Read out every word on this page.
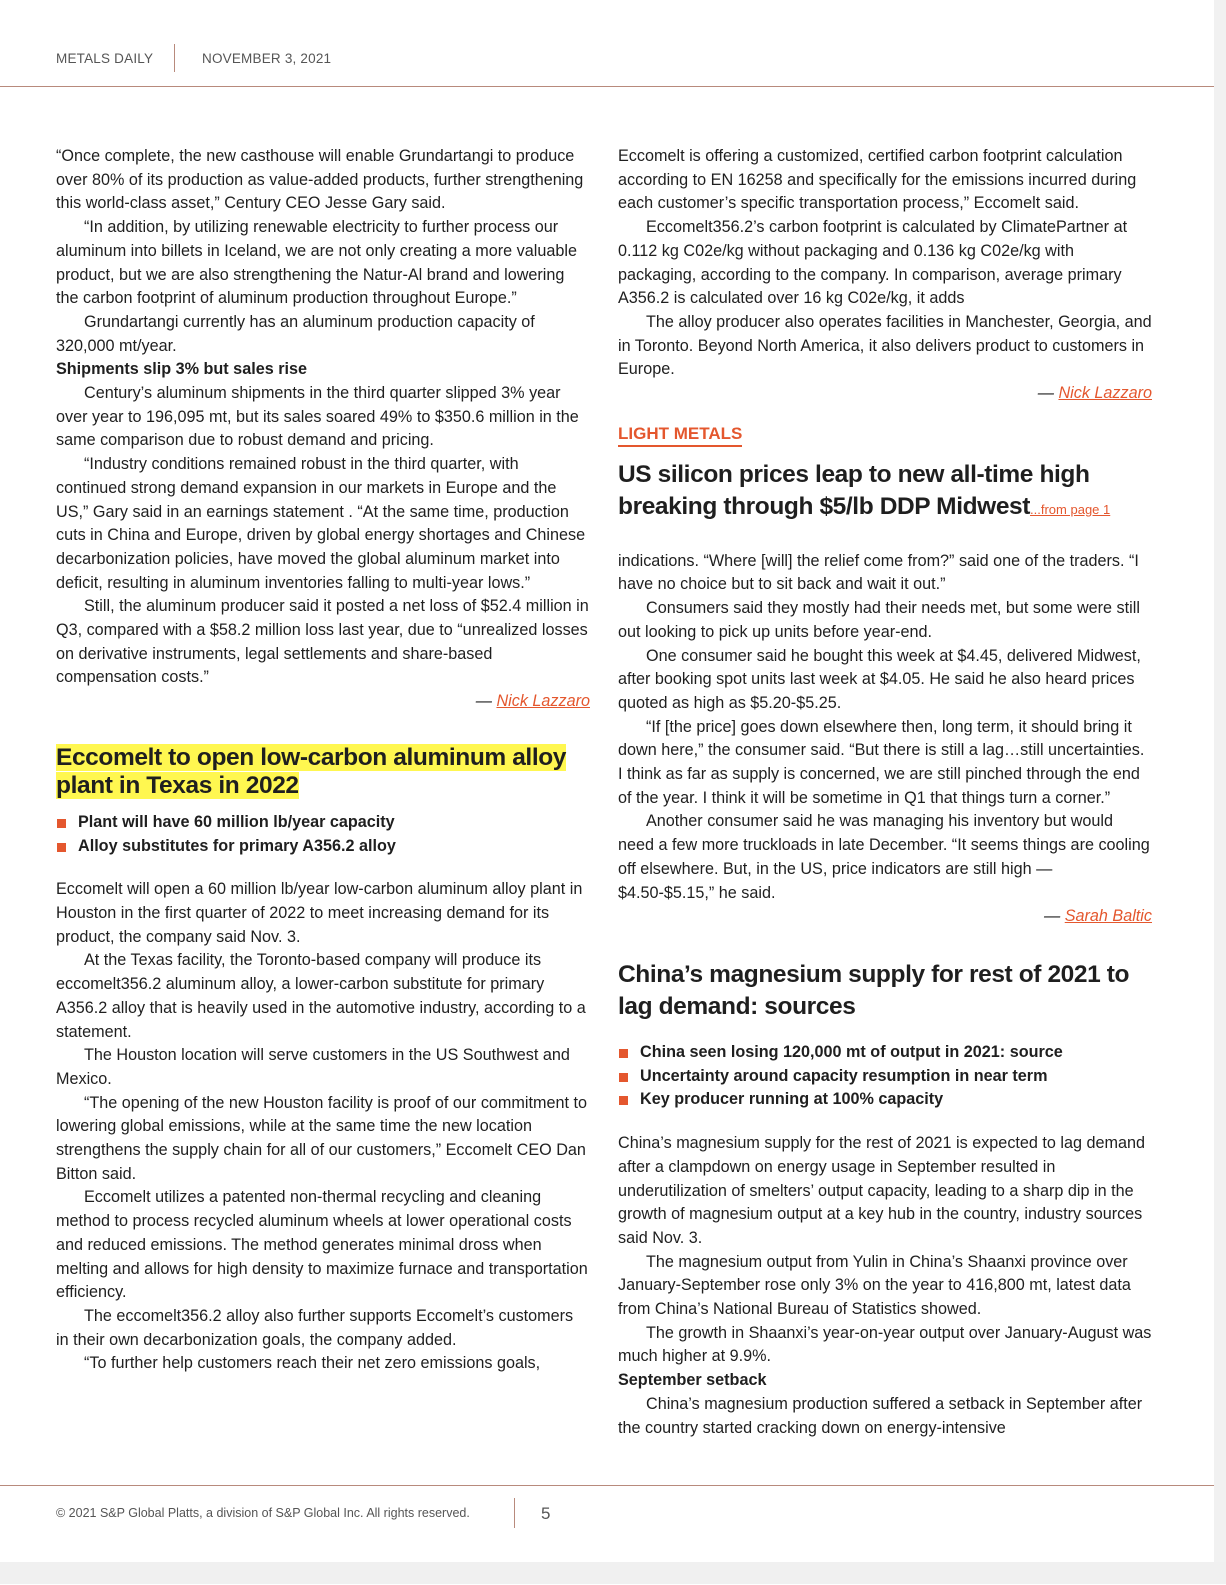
METALS DAILY	NOVEMBER 3, 2021

“Once complete, the new casthouse will enable Grundartangi to produce over 80% of its production as value-added products, further strengthening this world-class asset,” Century CEO Jesse Gary said.

“In addition, by utilizing renewable electricity to further process our aluminum into billets in Iceland, we are not only creating a more valuable product, but we are also strengthening the Natur-Al brand and lowering the carbon footprint of aluminum production throughout Europe.”

Grundartangi currently has an aluminum production capacity of 320,000 mt/year.

Shipments slip 3% but sales rise

Century’s aluminum shipments in the third quarter slipped 3% year over year to 196,095 mt, but its sales soared 49% to $350.6 million in the same comparison due to robust demand and pricing.

“Industry conditions remained robust in the third quarter, with continued strong demand expansion in our markets in Europe and the US,” Gary said in an earnings statement . “At the same time, production cuts in China and Europe, driven by global energy shortages and Chinese decarbonization policies, have moved the global aluminum market into deficit, resulting in aluminum inventories falling to multi-year lows.”

Still, the aluminum producer said it posted a net loss of $52.4 million in Q3, compared with a $58.2 million loss last year, due to “unrealized losses on derivative instruments, legal settlements and share-based compensation costs.”

— Nick Lazzaro
Eccomelt to open low-carbon aluminum alloy plant in Texas in 2022
Plant will have 60 million lb/year capacity
Alloy substitutes for primary A356.2 alloy

Eccomelt will open a 60 million lb/year low-carbon aluminum alloy plant in Houston in the first quarter of 2022 to meet increasing demand for its product, the company said Nov. 3.

At the Texas facility, the Toronto-based company will produce its eccomelt356.2 aluminum alloy, a lower-carbon substitute for primary A356.2 alloy that is heavily used in the automotive industry, according to a statement.

The Houston location will serve customers in the US Southwest and Mexico.

“The opening of the new Houston facility is proof of our commitment to lowering global emissions, while at the same time the new location strengthens the supply chain for all of our customers,” Eccomelt CEO Dan Bitton said.

Eccomelt utilizes a patented non-thermal recycling and cleaning method to process recycled aluminum wheels at lower operational costs and reduced emissions. The method generates minimal dross when melting and allows for high density to maximize furnace and transportation efficiency.

The eccomelt356.2 alloy also further supports Eccomelt’s customers in their own decarbonization goals, the company added.

“To further help customers reach their net zero emissions goals,

Eccomelt is offering a customized, certified carbon footprint calculation according to EN 16258 and specifically for the emissions incurred during each customer’s specific transportation process,” Eccomelt said.

Eccomelt356.2’s carbon footprint is calculated by ClimatePartner at 0.112 kg C02e/kg without packaging and 0.136 kg C02e/kg with packaging, according to the company. In comparison, average primary A356.2 is calculated over 16 kg C02e/kg, it adds

The alloy producer also operates facilities in Manchester, Georgia, and in Toronto. Beyond North America, it also delivers product to customers in Europe.

— Nick Lazzaro
LIGHT METALS
US silicon prices leap to new all-time high breaking through $5/lb DDP Midwest...from page 1

indications. “Where [will] the relief come from?” said one of the traders. “I have no choice but to sit back and wait it out.”

Consumers said they mostly had their needs met, but some were still out looking to pick up units before year-end.

One consumer said he bought this week at $4.45, delivered Midwest, after booking spot units last week at $4.05. He said he also heard prices quoted as high as $5.20-$5.25.

“If [the price] goes down elsewhere then, long term, it should bring it down here,” the consumer said. “But there is still a lag…still uncertainties. I think as far as supply is concerned, we are still pinched through the end of the year. I think it will be sometime in Q1 that things turn a corner.”

Another consumer said he was managing his inventory but would need a few more truckloads in late December. “It seems things are cooling off elsewhere. But, in the US, price indicators are still high — $4.50-$5.15,” he said.

— Sarah Baltic
China’s magnesium supply for rest of 2021 to lag demand: sources
China seen losing 120,000 mt of output in 2021: source
Uncertainty around capacity resumption in near term
Key producer running at 100% capacity

China’s magnesium supply for the rest of 2021 is expected to lag demand after a clampdown on energy usage in September resulted in underutilization of smelters’ output capacity, leading to a sharp dip in the growth of magnesium output at a key hub in the country, industry sources said Nov. 3.

The magnesium output from Yulin in China’s Shaanxi province over January-September rose only 3% on the year to 416,800 mt, latest data from China’s National Bureau of Statistics showed.

The growth in Shaanxi’s year-on-year output over January-August was much higher at 9.9%.

September setback

China’s magnesium production suffered a setback in September after the country started cracking down on energy-intensive

© 2021 S&P Global Platts, a division of S&P Global Inc. All rights reserved.	5
